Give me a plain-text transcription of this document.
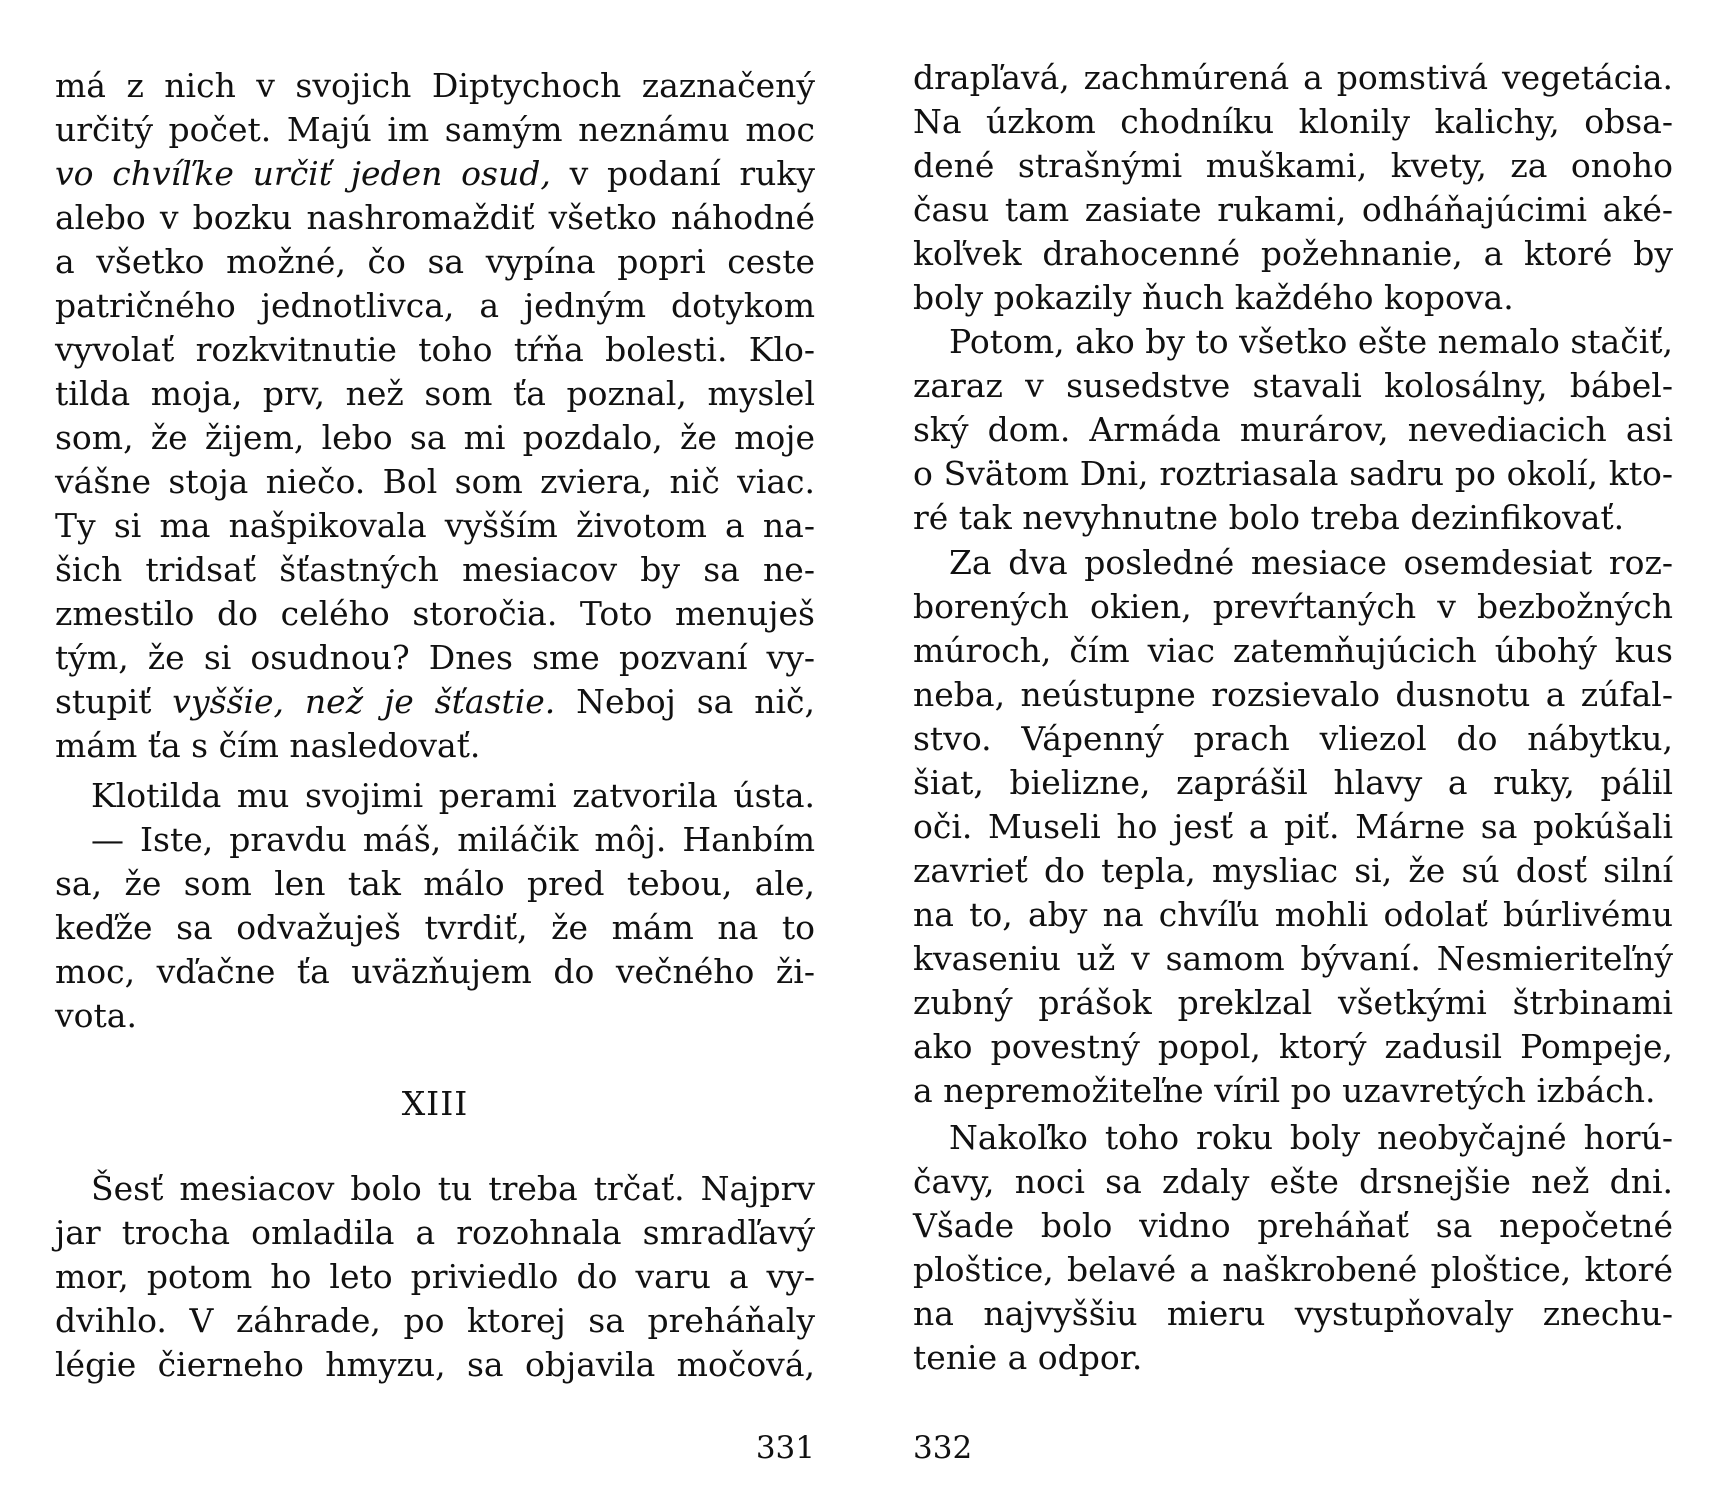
má z nich v svojich Diptychoch zaznačený
určitý počet. Majú im samým neznámu moc
vo chvíľke určiť jeden osud, v podaní ruky
alebo v bozku nashromaždiť všetko náhodné
a všetko možné, čo sa vypína popri ceste
patričného jednotlivca, a jedným dotykom
vyvolať rozkvitnutie toho tŕňa bolesti. Klo-
tilda moja, prv, než som ťa poznal, myslel
som, že žijem, lebo sa mi pozdalo, že moje
vášne stoja niečo. Bol som zviera, nič viac.
Ty si ma našpikovala vyšším životom a na-
šich tridsať šťastných mesiacov by sa ne-
zmestilo do celého storočia. Toto menuješ
tým, že si osudnou? Dnes sme pozvaní vy-
stupiť vyššie, než je šťastie. Neboj sa nič,
mám ťa s čím nasledovať.
Klotilda mu svojimi perami zatvorila ústa.
— Iste, pravdu máš, miláčik môj. Hanbím
sa, že som len tak málo pred tebou, ale,
keďže sa odvažuješ tvrdiť, že mám na to
moc, vďačne ťa uväzňujem do večného ži-
vota.
XIII
Šesť mesiacov bolo tu treba trčať. Najprv
jar trocha omladila a rozohnala smradľavý
mor, potom ho leto priviedlo do varu a vy-
dvihlo. V záhrade, po ktorej sa preháňaly
légie čierneho hmyzu, sa objavila močová,
331
drapľavá, zachmúrená a pomstivá vegetácia.
Na úzkom chodníku klonily kalichy, obsa-
dené strašnými muškami, kvety, za onoho
času tam zasiate rukami, odháňajúcimi aké-
koľvek drahocenné požehnanie, a ktoré by
boly pokazily ňuch každého kopova.
Potom, ako by to všetko ešte nemalo stačiť,
zaraz v susedstve stavali kolosálny, bábel-
ský dom. Armáda murárov, nevediacich asi
o Svätom Dni, roztriasala sadru po okolí, kto-
ré tak nevyhnutne bolo treba dezinfikovať.
Za dva posledné mesiace osemdesiat roz-
borených okien, prevŕtaných v bezbožných
múroch, čím viac zatemňujúcich úbohý kus
neba, neústupne rozsievalo dusnotu a zúfal-
stvo. Vápenný prach vliezol do nábytku,
šiat, bielizne, zaprášil hlavy a ruky, pálil
oči. Museli ho jesť a piť. Márne sa pokúšali
zavrieť do tepla, mysliac si, že sú dosť silní
na to, aby na chvíľu mohli odolať búrlivému
kvaseniu už v samom bývaní. Nesmieriteľný
zubný prášok preklzal všetkými štrbinami
ako povestný popol, ktorý zadusil Pompeje,
a nepremožiteľne víril po uzavretých izbách.
Nakoľko toho roku boly neobyčajné horú-
čavy, noci sa zdaly ešte drsnejšie než dni.
Všade bolo vidno preháňať sa nepočetné
ploštice, belavé a naškrobené ploštice, ktoré
na najvyššiu mieru vystupňovaly znechu-
tenie a odpor.
332
